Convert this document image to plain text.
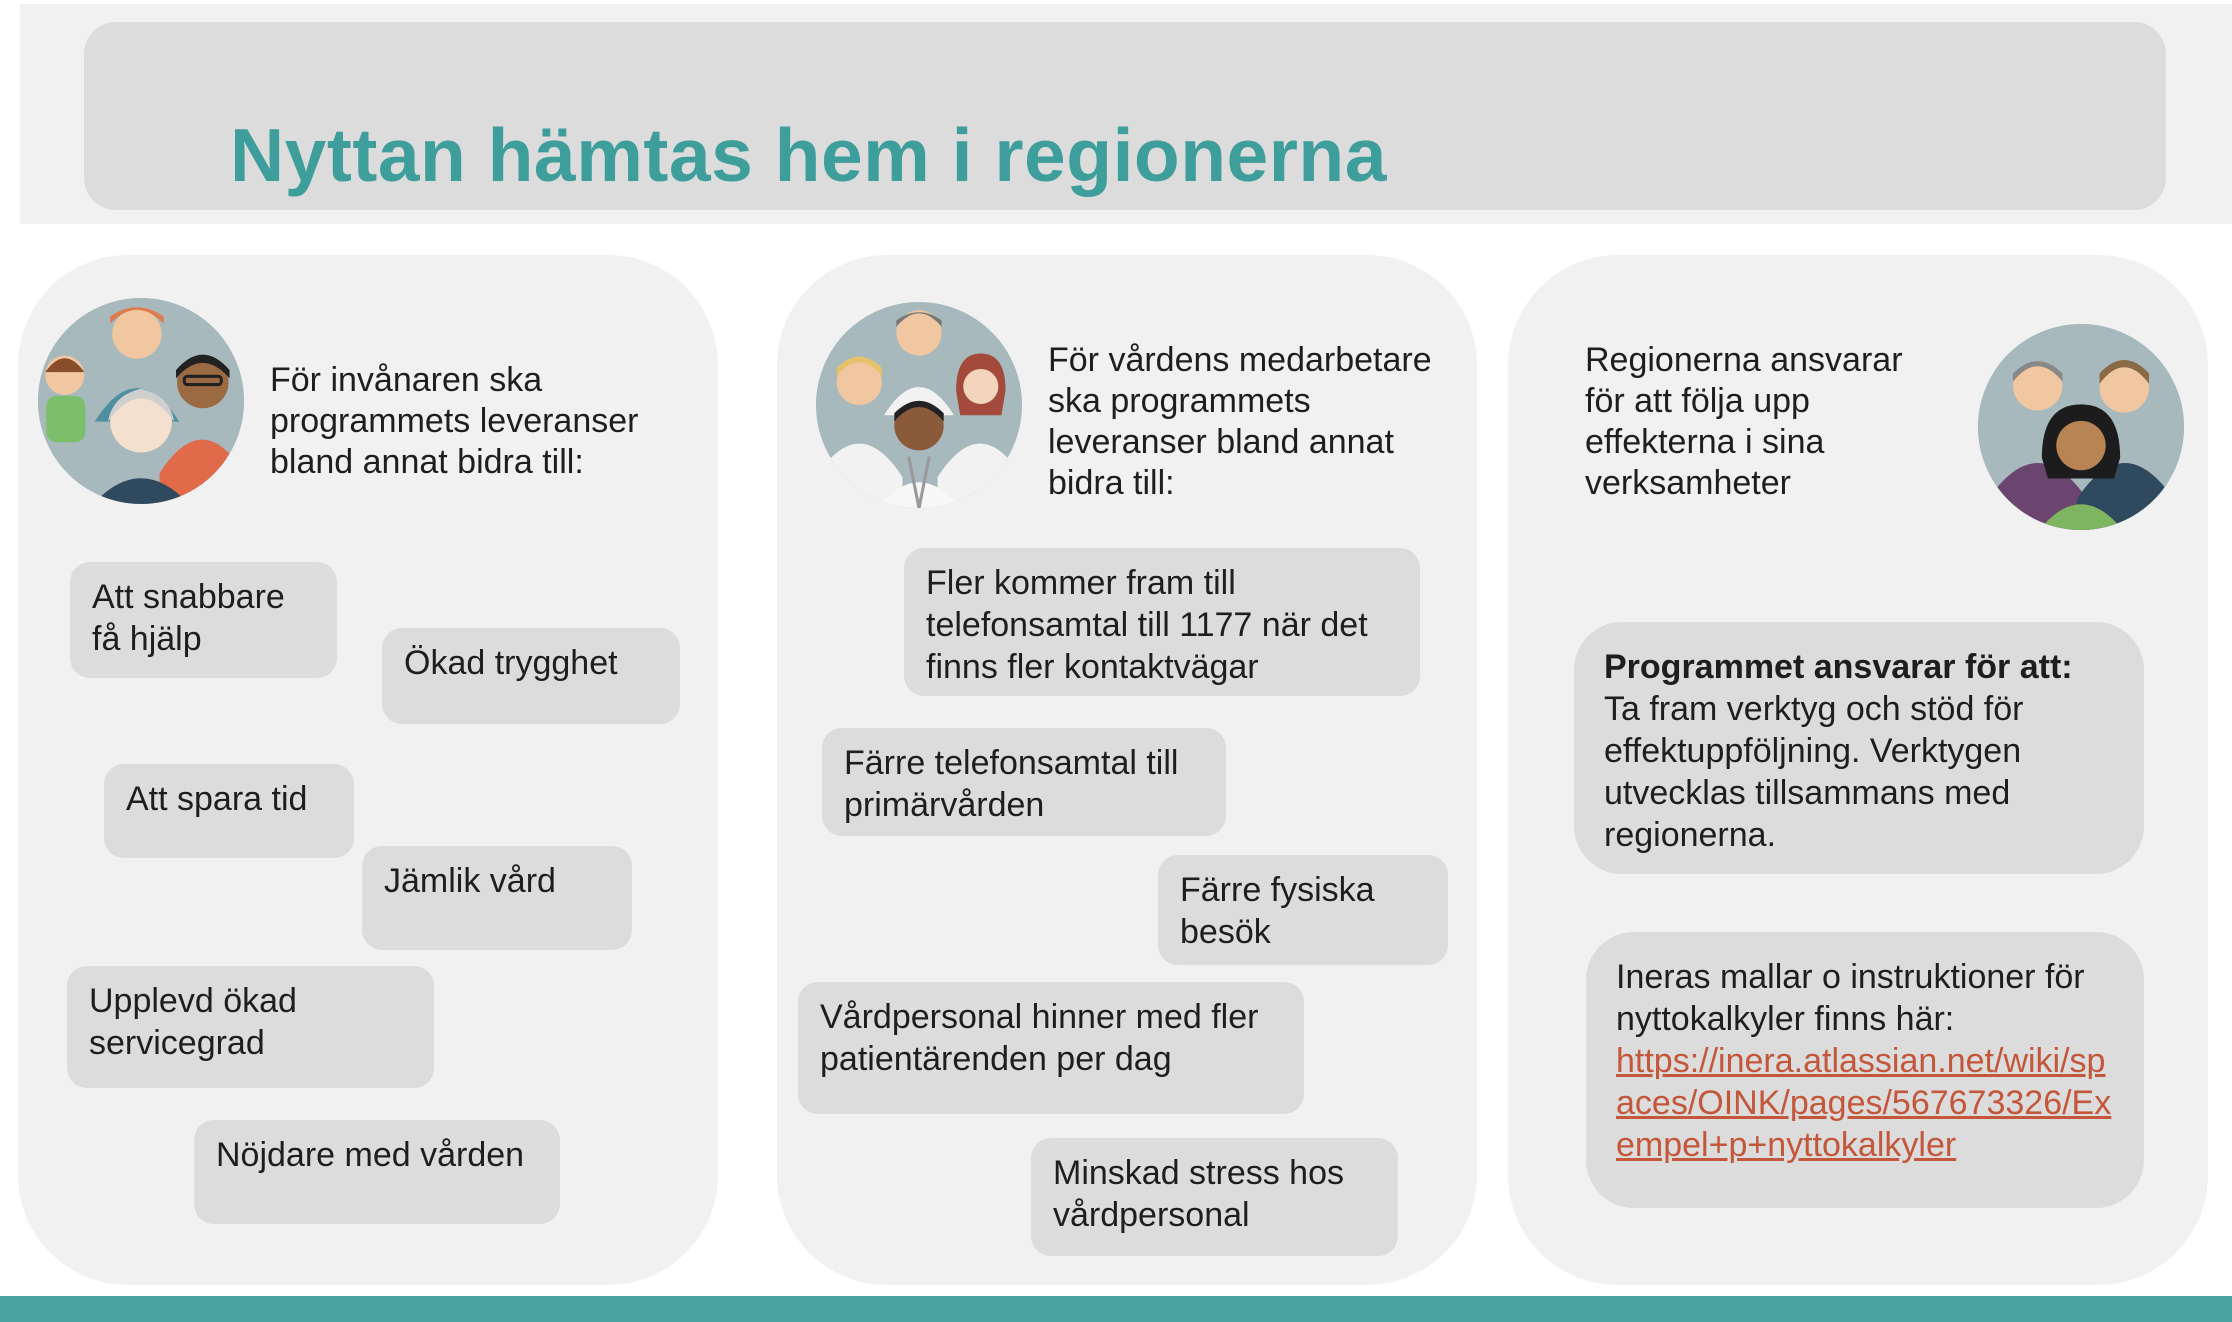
Nyttan hämtas hem i regionerna
För invånaren ska programmets leveranser bland annat bidra till:
Att snabbare få hjälp
Ökad trygghet
Att spara tid
Jämlik vård
Upplevd ökad servicegrad
Nöjdare med vården
För vårdens medarbetare ska programmets leveranser bland annat bidra till:
Fler kommer fram till telefonsamtal till 1177 när det finns fler kontaktvägar
Färre telefonsamtal till primärvården
Färre fysiska besök
Vårdpersonal hinner med fler patientärenden per dag
Minskad stress hos vårdpersonal
Regionerna ansvarar för att följa upp effekterna i sina verksamheter
Programmet ansvarar för att:
Ta fram verktyg och stöd för effektuppföljning. Verktygen utvecklas tillsammans med regionerna.
Ineras mallar o instruktioner för nyttokalkyler finns här:
https://inera.atlassian.net/wiki/spaces/OINK/pages/567673326/Exempel+p+nyttokalkyler
